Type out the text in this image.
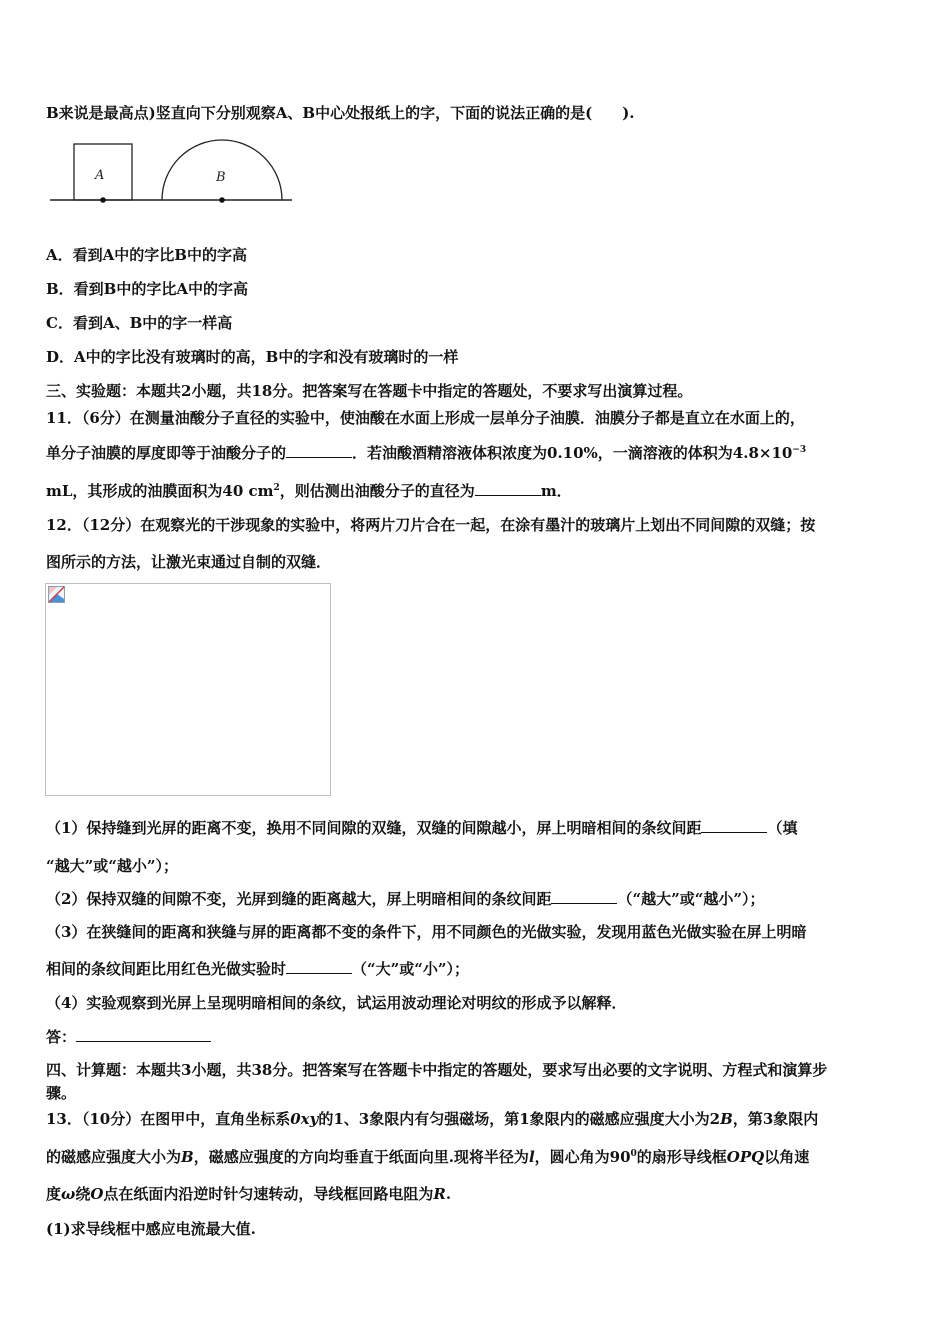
B来说是最高点)竖直向下分别观察A、B中心处报纸上的字，下面的说法正确的是(　　).
A	B
A．看到A中的字比B中的字高
B．看到B中的字比A中的字高
C．看到A、B中的字一样高
D．A中的字比没有玻璃时的高，B中的字和没有玻璃时的一样
三、实验题：本题共2小题，共18分。把答案写在答题卡中指定的答题处，不要求写出演算过程。
11．（6分）在测量油酸分子直径的实验中，使油酸在水面上形成一层单分子油膜．油膜分子都是直立在水面上的，
单分子油膜的厚度即等于油酸分子的	．若油酸酒精溶液体积浓度为0.10%，一滴溶液的体积为$4.8\times 10^{-3}$
mL，其形成的油膜面积为40 $cm^2$，则估测出油酸分子的直径为	m．
12．（12分）在观察光的干涉现象的实验中，将两片刀片合在一起，在涂有墨汁的玻璃片上划出不同间隙的双缝；按
图所示的方法，让激光束通过自制的双缝．
（1）保持缝到光屏的距离不变，换用不同间隙的双缝，双缝的间隙越小，屏上明暗相间的条纹间距	（填
“越大”或“越小”）；
（2）保持双缝的间隙不变，光屏到缝的距离越大，屏上明暗相间的条纹间距	（“越大”或“越小”）；
（3）在狭缝间的距离和狭缝与屏的距离都不变的条件下，用不同颜色的光做实验，发现用蓝色光做实验在屏上明暗
相间的条纹间距比用红色光做实验时	（“大”或“小”）；
（4）实验观察到光屏上呈现明暗相间的条纹，试运用波动理论对明纹的形成予以解释．
答：
四、计算题：本题共3小题，共38分。把答案写在答题卡中指定的答题处，要求写出必要的文字说明、方程式和演算步
骤。
13．（10分）在图甲中，直角坐标系0xy的1、3象限内有匀强磁场，第1象限内的磁感应强度大小为2B，第3象限内
的磁感应强度大小为B，磁感应强度的方向均垂直于纸面向里.现将半径为l，圆心角为$90^0$的扇形导线框OPQ以角速
度ω绕O点在纸面内沿逆时针匀速转动，导线框回路电阻为R.
(1)求导线框中感应电流最大值.
